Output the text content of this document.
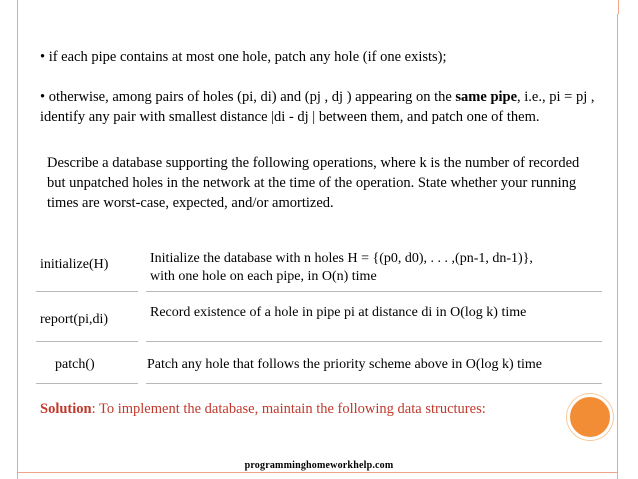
• if each pipe contains at most one hole, patch any hole (if one exists);
• otherwise, among pairs of holes (pi, di) and (pj , dj ) appearing on the same pipe, i.e., pi = pj , identify any pair with smallest distance |di - dj | between them, and patch one of them.
Describe a database supporting the following operations, where k is the number of recorded but unpatched holes in the network at the time of the operation. State whether your running times are worst-case, expected, and/or amortized.
initialize(H)	Initialize the database with n holes H = {(p0, d0), . . . ,(pn-1, dn-1)},
with one hole on each pipe, in O(n) time
report(pi,di)	Record existence of a hole in pipe pi at distance di in O(log k) time
patch()	Patch any hole that follows the priority scheme above in O(log k) time
Solution: To implement the database, maintain the following data structures:
programminghomeworkhelp.com
